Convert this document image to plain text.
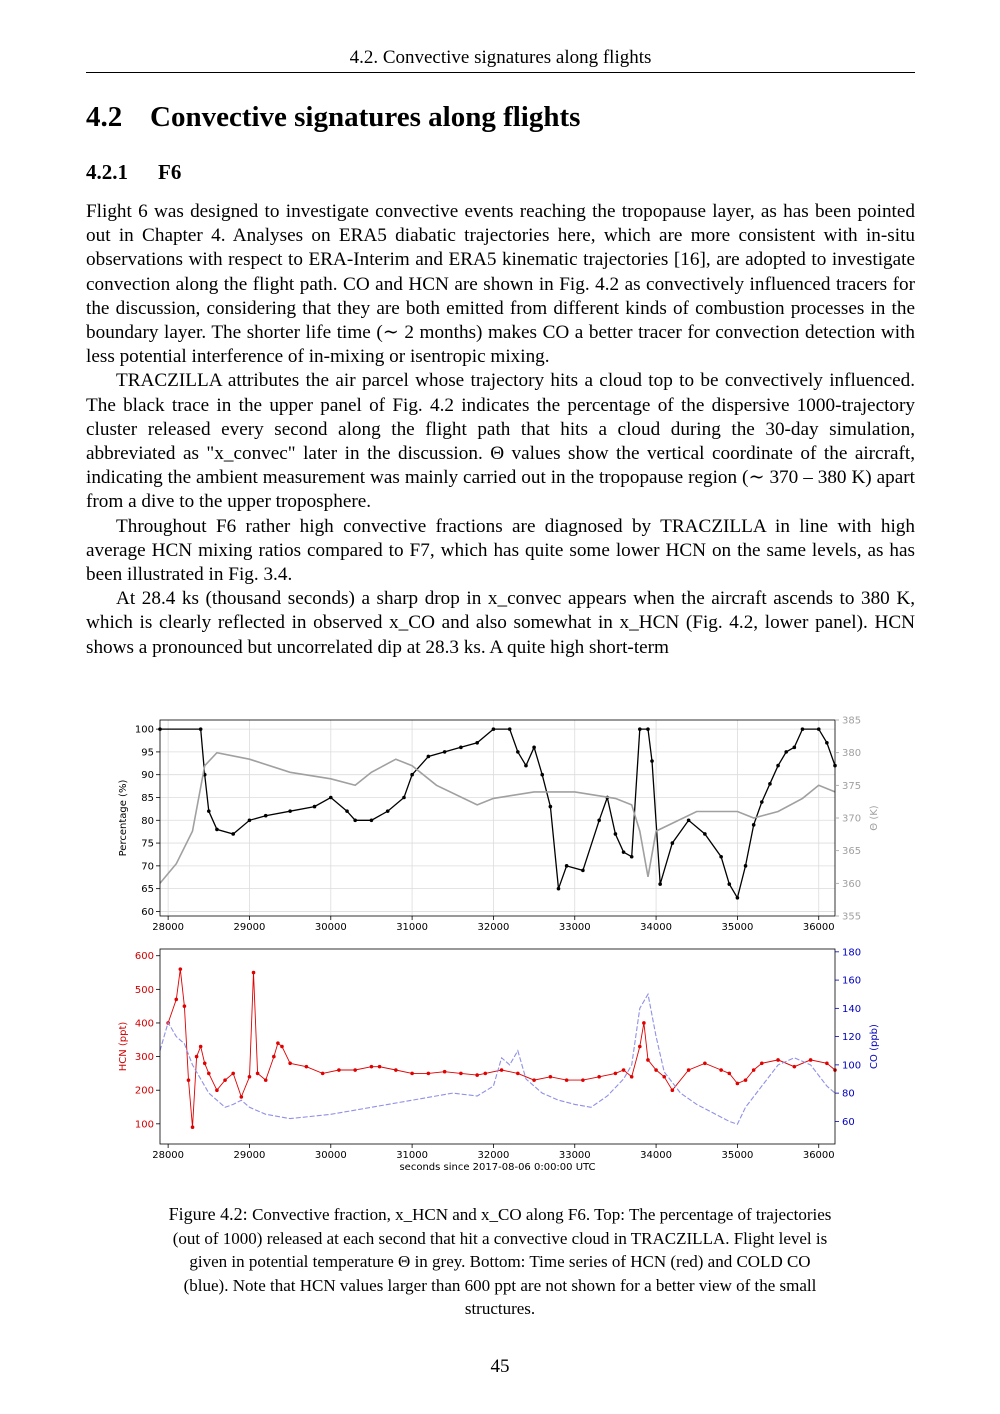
4.2. Convective signatures along flights
4.2 Convective signatures along flights
4.2.1 F6

Flight 6 was designed to investigate convective events reaching the tropopause layer, as has been pointed out in Chapter 4. Analyses on ERA5 diabatic trajectories here, which are more consistent with in-situ observations with respect to ERA-Interim and ERA5 kinematic trajectories [16], are adopted to investigate convection along the flight path. CO and HCN are shown in Fig. 4.2 as convectively influenced tracers for the discussion, considering that they are both emitted from different kinds of combustion processes in the boundary layer. The shorter life time (∼ 2 months) makes CO a better tracer for convection detection with less potential interference of in-mixing or isentropic mixing.

TRACZILLA attributes the air parcel whose trajectory hits a cloud top to be convectively influenced. The black trace in the upper panel of Fig. 4.2 indicates the percentage of the dispersive 1000-trajectory cluster released every second along the flight path that hits a cloud during the 30-day simulation, abbreviated as "x_convec" later in the discussion. Θ values show the vertical coordinate of the aircraft, indicating the ambient measurement was mainly carried out in the tropopause region (∼ 370 – 380 K) apart from a dive to the upper troposphere.

Throughout F6 rather high convective fractions are diagnosed by TRACZILLA in line with high average HCN mixing ratios compared to F7, which has quite some lower HCN on the same levels, as has been illustrated in Fig. 3.4.

At 28.4 ks (thousand seconds) a sharp drop in x_convec appears when the aircraft ascends to 380 K, which is clearly reflected in observed x_CO and also somewhat in x_HCN (Fig. 4.2, lower panel). HCN shows a pronounced but uncorrelated dip at 28.3 ks. A quite high short-term

28000	29000	30000	31000	32000	33000	34000	35000	36000
60
65
70
75
80
85
90
95
100
355
360
365
370
375
380
385
Percentage (%)	Θ (K)
28000	29000	30000	31000	32000	33000	34000	35000	36000
100
200
300
400
500
600
60
80
100
120
140
160
180
HCN (ppt)	CO (ppb)
seconds since 2017-08-06 0:00:00 UTC
Figure 4.2: Convective fraction, x_HCN and x_CO along F6. Top: The percentage of trajectories (out of 1000) released at each second that hit a convective cloud in TRACZILLA. Flight level is given in potential temperature Θ in grey. Bottom: Time series of HCN (red) and COLD CO (blue). Note that HCN values larger than 600 ppt are not shown for a better view of the small structures.
45
